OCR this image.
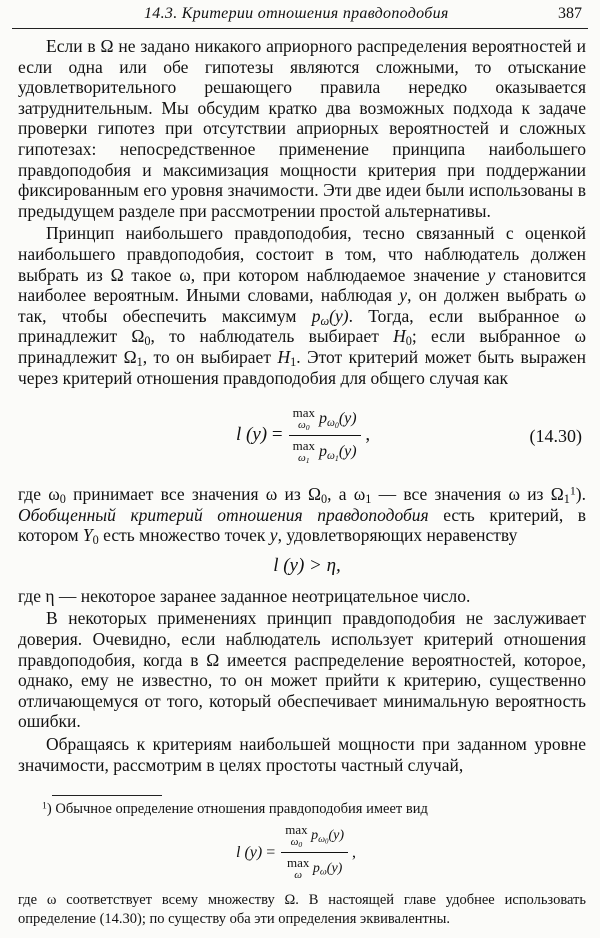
14.3. Критерии отношения правдоподобия	387

Если в Ω не задано никакого априорного распределения вероятностей и если одна или обе гипотезы являются сложными, то отыскание удовлетворительного решающего правила нередко оказывается затруднительным. Мы обсудим кратко два возможных подхода к задаче проверки гипотез при отсутствии априорных вероятностей и сложных гипотезах: непосредственное применение принципа наибольшего правдоподобия и максимизация мощности критерия при поддержании фиксированным его уровня значимости. Эти две идеи были использованы в предыдущем разделе при рассмотрении простой альтернативы.

Принцип наибольшего правдоподобия, тесно связанный с оценкой наибольшего правдоподобия, состоит в том, что наблюдатель должен выбрать из Ω такое ω, при котором наблюдаемое значение y становится наиболее вероятным. Иными словами, наблюдая y, он должен выбрать ω так, чтобы обеспечить максимум $p_\omega(y)$. Тогда, если выбранное ω принадлежит $\Omega_0$, то наблюдатель выбирает $H_0$; если выбранное ω принадлежит $\Omega_1$, то он выбирает $H_1$. Этот критерий может быть выражен через критерий отношения правдоподобия для общего случая как

l (y)
= max
$\omega_0$
$p_{\omega_0}(y)$
max
$\omega_1$
$p_{\omega_1}(y)$
,	(14.30)

где $\omega_0$ принимает все значения ω из $\Omega_0$, а $\omega_1$ — все значения ω из $\Omega_1^1$). Обобщенный критерий отношения правдоподобия есть критерий, в котором $Y_0$ есть множество точек y, удовлетворяющих неравенству

l (y) > η,

где η — некоторое заранее заданное неотрицательное число.

В некоторых применениях принцип правдоподобия не заслуживает доверия. Очевидно, если наблюдатель использует критерий отношения правдоподобия, когда в Ω имеется распределение вероятностей, которое, однако, ему не известно, то он может прийти к критерию, существенно отличающемуся от того, который обеспечивает минимальную вероятность ошибки.

Обращаясь к критериям наибольшей мощности при заданном уровне значимости, рассмотрим в целях простоты частный случай,

$^1$) Обычное определение отношения правдоподобия имеет вид

l (y)
= max
$\omega_0$
$p_{\omega_0}(y)$
max
ω $p_\omega(y)$
,

где ω соответствует всему множеству Ω. В настоящей главе удобнее использовать определение (14.30); по существу оба эти определения эквивалентны.
